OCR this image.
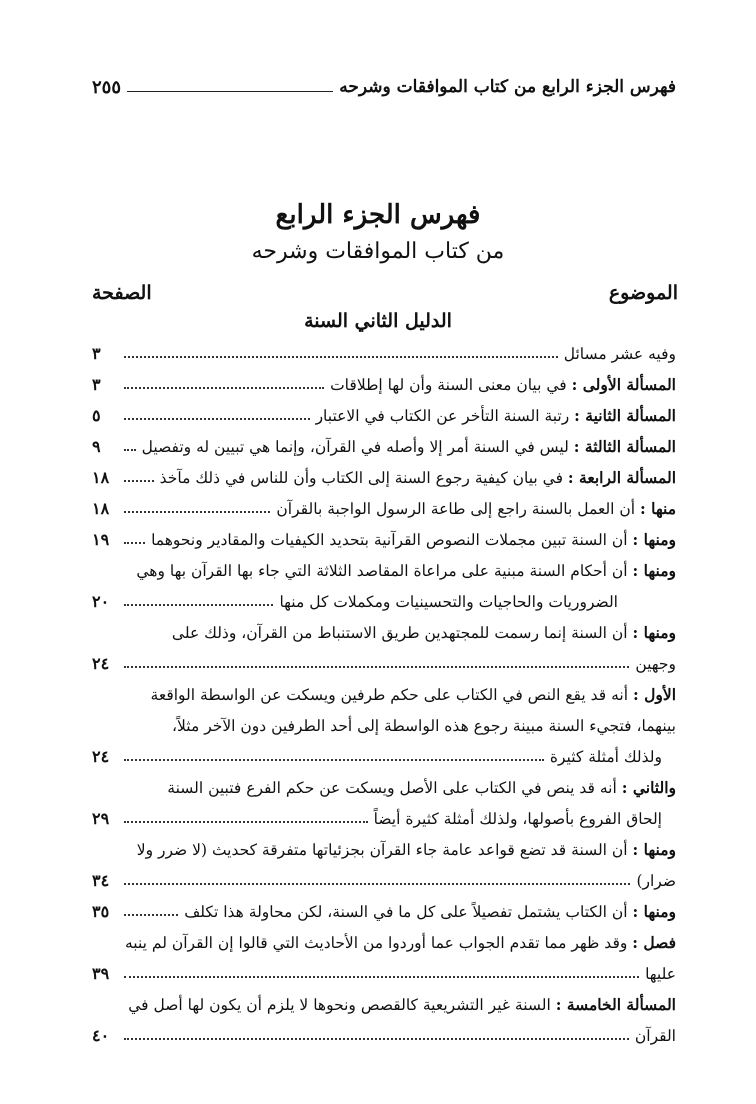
فهرس الجزء الرابع من كتاب الموافقات وشرحه
٢٥٥
فهرس الجزء الرابع
من كتاب الموافقات وشرحه
الموضوع
الصفحة
الدليل الثاني السنة
وفيه عشر مسائل
٣
المسألة الأولى : في بيان معنى السنة وأن لها إطلاقات
٣
المسألة الثانية : رتبة السنة التأخر عن الكتاب في الاعتبار
٥
المسألة الثالثة : ليس في السنة أمر إلا وأصله في القرآن، وإنما هي تبيين له وتفصيل
٩
المسألة الرابعة : في بيان كيفية رجوع السنة إلى الكتاب وأن للناس في ذلك مآخذ
١٨
منها : أن العمل بالسنة راجع إلى طاعة الرسول الواجبة بالقرآن
١٨
ومنها : أن السنة تبين مجملات النصوص القرآنية بتحديد الكيفيات والمقادير ونحوهما
١٩
ومنها : أن أحكام السنة مبنية على مراعاة المقاصد الثلاثة التي جاء بها القرآن بها وهي
الضروريات والحاجيات والتحسينيات ومكملات كل منها
٢٠
ومنها : أن السنة إنما رسمت للمجتهدين طريق الاستنباط من القرآن، وذلك على
وجهين
٢٤
الأول : أنه قد يقع النص في الكتاب على حكم طرفين ويسكت عن الواسطة الواقعة
بينهما، فتجيء السنة مبينة رجوع هذه الواسطة إلى أحد الطرفين دون الآخر مثلاً،
ولذلك أمثلة كثيرة
٢٤
والثاني : أنه قد ينص في الكتاب على الأصل ويسكت عن حكم الفرع فتبين السنة
إلحاق الفروع بأصولها، ولذلك أمثلة كثيرة أيضاً
٢٩
ومنها : أن السنة قد تضع قواعد عامة جاء القرآن بجزئياتها متفرقة كحديث (لا ضرر ولا
ضرار)
٣٤
ومنها : أن الكتاب يشتمل تفصيلاً على كل ما في السنة، لكن محاولة هذا تكلف
٣٥
فصل : وقد ظهر مما تقدم الجواب عما أوردوا من الأحاديث التي قالوا إن القرآن لم ينبه
عليها
٣٩
المسألة الخامسة : السنة غير التشريعية كالقصص ونحوها لا يلزم أن يكون لها أصل في
القرآن
٤٠
